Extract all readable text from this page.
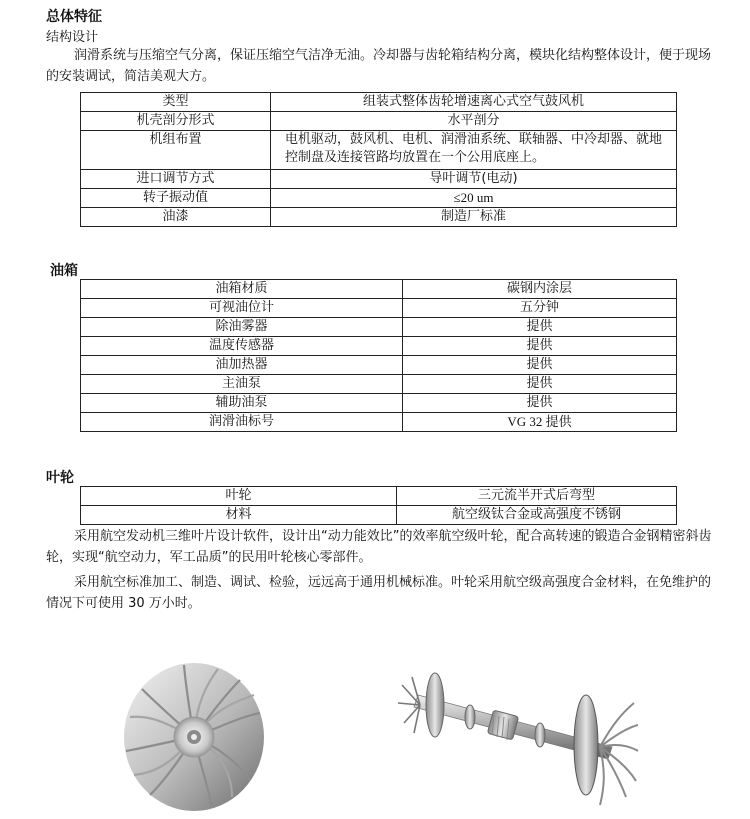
总体特征
结构设计
润滑系统与压缩空气分离，保证压缩空气洁净无油。冷却器与齿轮箱结构分离，模块化结构整体设计，便于现场的安装调试，简洁美观大方。
类型	组装式整体齿轮增速离心式空气鼓风机
机壳剖分形式	水平剖分
机组布置	电机驱动，鼓风机、电机、润滑油系统、联轴器、中冷却器、就地控制盘及连接管路均放置在一个公用底座上。
进口调节方式	导叶调节(电动)
转子振动值	≤20 um
油漆	制造厂标准
油箱
油箱材质	碳钢内涂层
可视油位计	五分钟
除油雾器	提供
温度传感器	提供
油加热器	提供
主油泵	提供
辅助油泵	提供
润滑油标号	VG 32 提供
叶轮
叶轮	三元流半开式后弯型
材料	航空级钛合金或高强度不锈钢
采用航空发动机三维叶片设计软件，设计出“动力能效比”的效率航空级叶轮，配合高转速的锻造合金钢精密斜齿轮，实现“航空动力，军工品质”的民用叶轮核心零部件。
采用航空标准加工、制造、调试、检验，远远高于通用机械标准。叶轮采用航空级高强度合金材料，在免维护的情况下可使用 30 万小时。
